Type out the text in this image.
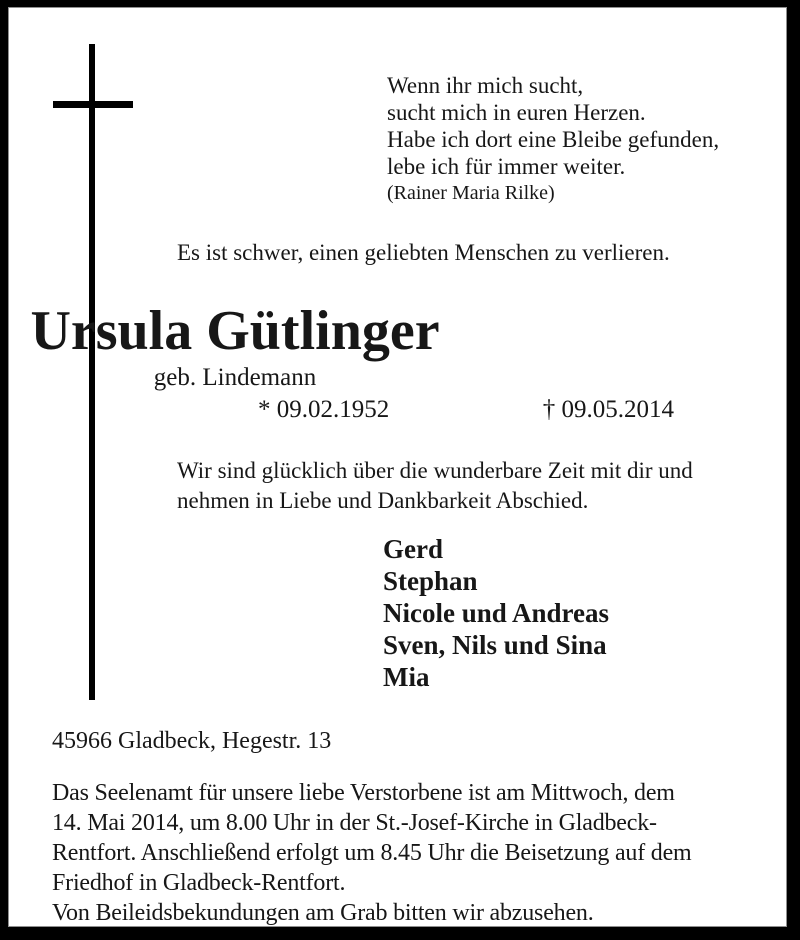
Wenn ihr mich sucht,
sucht mich in euren Herzen.
Habe ich dort eine Bleibe gefunden,
lebe ich für immer weiter.
(Rainer Maria Rilke)
Es ist schwer, einen geliebten Menschen zu verlieren.
Ursula Gütlinger
geb. Lindemann
* 09.02.1952	† 09.05.2014
Wir sind glücklich über die wunderbare Zeit mit dir und
nehmen in Liebe und Dankbarkeit Abschied.
Gerd
Stephan
Nicole und Andreas
Sven, Nils und Sina
Mia
45966 Gladbeck, Hegestr. 13
Das Seelenamt für unsere liebe Verstorbene ist am Mittwoch, dem
14. Mai 2014, um 8.00 Uhr in der St.-Josef-Kirche in Gladbeck-
Rentfort. Anschließend erfolgt um 8.45 Uhr die Beisetzung auf dem
Friedhof in Gladbeck-Rentfort.
Von Beileidsbekundungen am Grab bitten wir abzusehen.
